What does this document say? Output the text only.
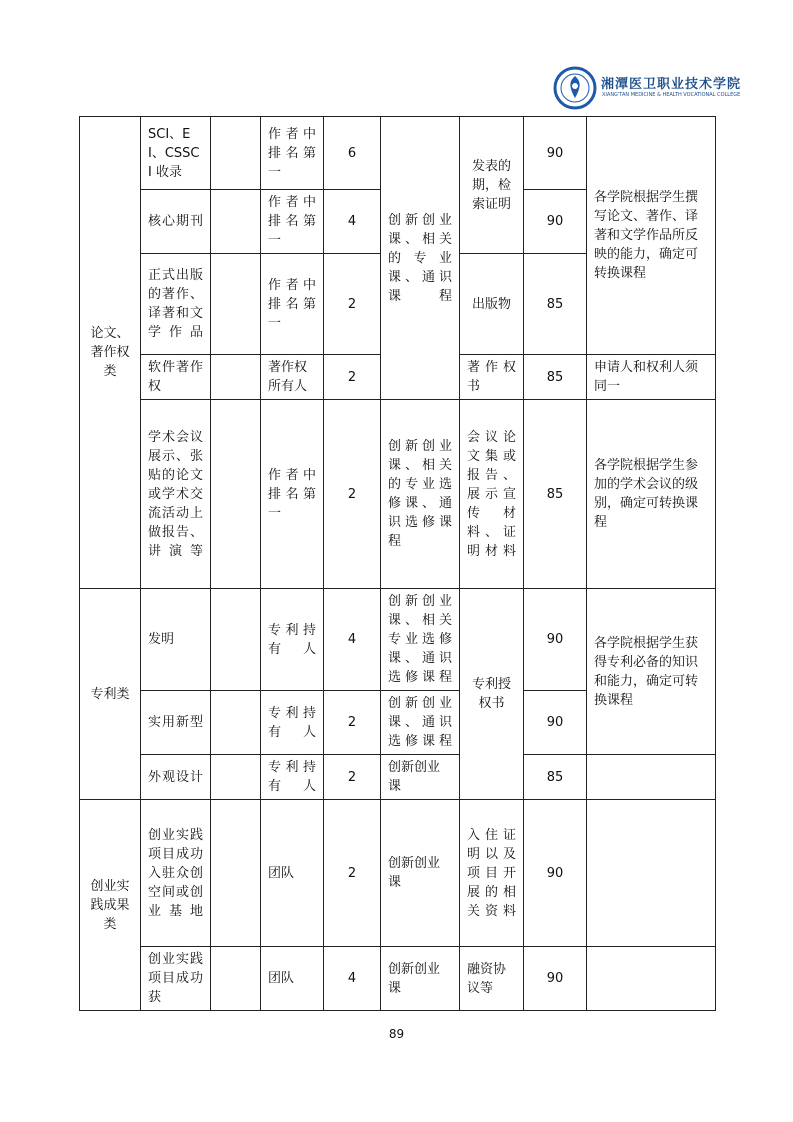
湘潭医卫职业技术学院
XIANG'TAN MEDICINE & HEALTH VOCATIONAL COLLEGE
论文、著作权类	SCI、EI、CSSCI 收录		作者中排名第一	6	创新创业课、相关的专业课、通识课程	发表的期，检索证明	90	各学院根据学生撰写论文、著作、译著和文学作品所反映的能力，确定可转换课程
	核心期刊		作者中排名第一	4			90	
	正式出版的著作、译著和文学作品		作者中排名第一	2		出版物	85	
	软件著作权		著作权所有人	2		著作权书	85	申请人和权利人须同一
	学术会议展示、张贴的论文或学术交流活动上做报告、讲演等		作者中排名第一	2	创新创业课、相关的专业选修课、通识选修课程	会议论文集或报告、展示宣传材料、证明材料	85	各学院根据学生参加的学术会议的级别，确定可转换课程
专利类	发明		专利持有人	4	创新创业课、相关专业选修课、通识选修课程	专利授权书	90	各学院根据学生获得专利必备的知识和能力，确定可转换课程
	实用新型		专利持有人	2	创新创业课、通识选修课程		90	
	外观设计		专利持有人	2	创新创业课		85	
创业实践成果类	创业实践项目成功入驻众创空间或创业基地		团队	2	创新创业课	入住证明以及项目开展的相关资料	90	
	创业实践项目成功获		团队	4	创新创业课	融资协议等	90	
89
